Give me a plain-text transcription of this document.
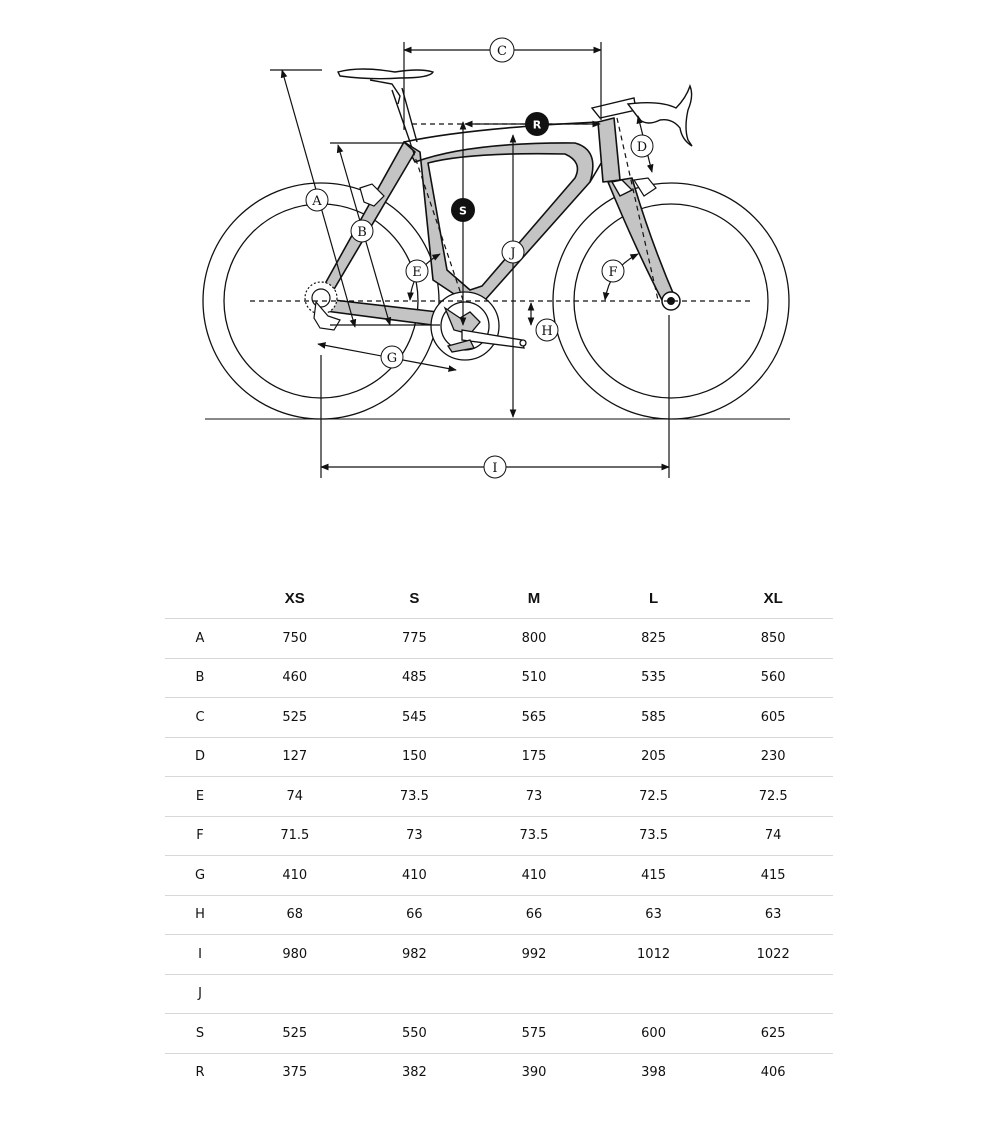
A
B
C
D
E	F
G
H
I
J
S
R
	XS	S	M	L	XL
A	750	775	800	825	850
B	460	485	510	535	560
C	525	545	565	585	605
D	127	150	175	205	230
E	74	73.5	73	72.5	72.5
F	71.5	73	73.5	73.5	74
G	410	410	410	415	415
H	68	66	66	63	63
I	980	982	992	1012	1022
J					
S	525	550	575	600	625
R	375	382	390	398	406
